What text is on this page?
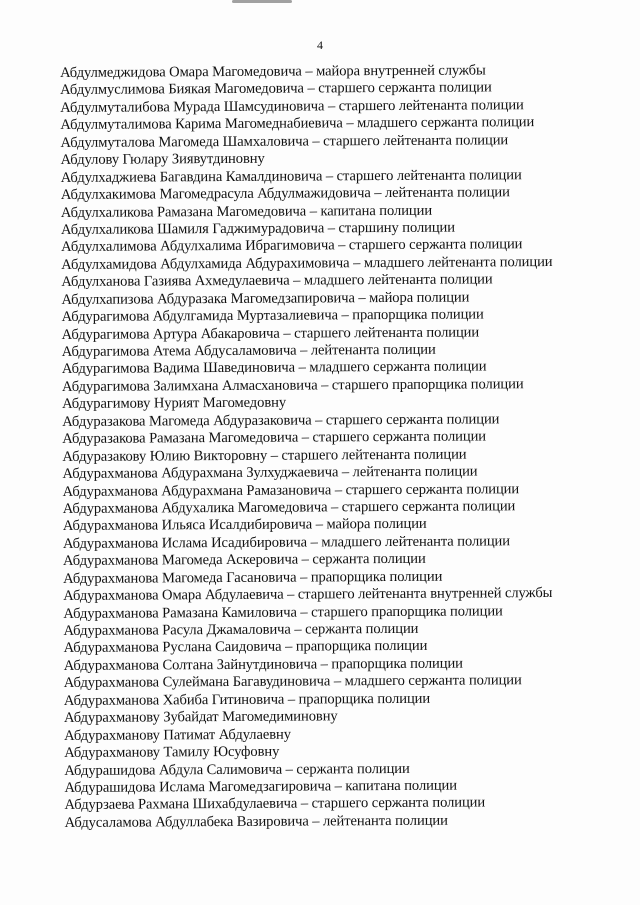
4
Абдулмеджидова Омара Магомедовича – майора внутренней службы
Абдулмуслимова Биякая Магомедовича – старшего сержанта полиции
Абдулмуталибова Мурада Шамсудиновича – старшего лейтенанта полиции
Абдулмуталимова Карима Магомеднабиевича – младшего сержанта полиции
Абдулмуталова Магомеда Шамхаловича – старшего лейтенанта полиции
Абдулову Гюлару Зиявутдиновну
Абдулхаджиева Багавдина Камалдиновича – старшего лейтенанта полиции
Абдулхакимова Магомедрасула Абдулмажидовича – лейтенанта полиции
Абдулхаликова Рамазана Магомедовича – капитана полиции
Абдулхаликова Шамиля Гаджимурадовича – старшину полиции
Абдулхалимова Абдулхалима Ибрагимовича – старшего сержанта полиции
Абдулхамидова Абдулхамида Абдурахимовича – младшего лейтенанта полиции
Абдулханова Газиява Ахмедулаевича – младшего лейтенанта полиции
Абдулхапизова Абдуразака Магомедзапировича – майора полиции
Абдурагимова Абдулгамида Муртазалиевича – прапорщика полиции
Абдурагимова Артура Абакаровича – старшего лейтенанта полиции
Абдурагимова Атема Абдусаламовича – лейтенанта полиции
Абдурагимова Вадима Шавединовича – младшего сержанта полиции
Абдурагимова Залимхана Алмасхановича – старшего прапорщика полиции
Абдурагимову Нурият Магомедовну
Абдуразакова Магомеда Абдуразаковича – старшего сержанта полиции
Абдуразакова Рамазана Магомедовича – старшего сержанта полиции
Абдуразакову Юлию Викторовну – старшего лейтенанта полиции
Абдурахманова Абдурахмана Зулхуджаевича – лейтенанта полиции
Абдурахманова Абдурахмана Рамазановича – старшего сержанта полиции
Абдурахманова Абдухалика Магомедовича – старшего сержанта полиции
Абдурахманова Ильяса Исалдибировича – майора полиции
Абдурахманова Ислама Исадибировича – младшего лейтенанта полиции
Абдурахманова Магомеда Аскеровича – сержанта полиции
Абдурахманова Магомеда Гасановича – прапорщика полиции
Абдурахманова Омара Абдулаевича – старшего лейтенанта внутренней службы
Абдурахманова Рамазана Камиловича – старшего прапорщика полиции
Абдурахманова Расула Джамаловича – сержанта полиции
Абдурахманова Руслана Саидовича – прапорщика полиции
Абдурахманова Солтана Зайнутдиновича – прапорщика полиции
Абдурахманова Сулеймана Багавудиновича – младшего сержанта полиции
Абдурахманова Хабиба Гитиновича – прапорщика полиции
Абдурахманову Зубайдат Магомедиминовну
Абдурахманову Патимат Абдулаевну
Абдурахманову Тамилу Юсуфовну
Абдурашидова Абдула Салимовича – сержанта полиции
Абдурашидова Ислама Магомедзагировича – капитана полиции
Абдурзаева Рахмана Шихабдулаевича – старшего сержанта полиции
Абдусаламова Абдуллабека Вазировича – лейтенанта полиции
